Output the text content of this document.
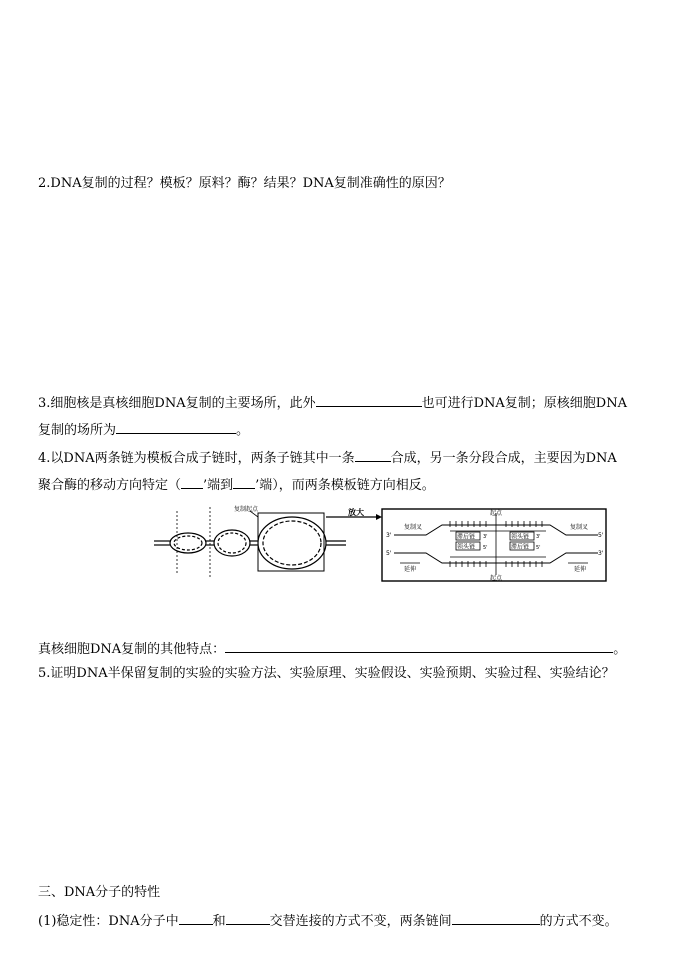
2.DNA复制的过程？模板？原料？酶？结果？DNA复制准确性的原因？
3.细胞核是真核细胞DNA复制的主要场所，此外	也可进行DNA复制；原核细胞DNA
复制的场所为	。
4.以DNA两条链为模板合成子链时，两条子链其中一条	合成，另一条分段合成，主要因为DNA
聚合酶的移动方向特定（ ’端到 ’端），而两条模板链方向相反。
复制起点	放大
滞后链
领头链
领头链
滞后链
起点
起点
复制叉	复制叉
延伸	延伸
3'
5'
5'
3'
3'
5'
3'
5'
真核细胞DNA复制的其他特点：	。
5.证明DNA半保留复制的实验的实验方法、实验原理、实验假设、实验预期、实验过程、实验结论？
三、DNA分子的特性
(1)稳定性：DNA分子中	和	交替连接的方式不变，两条链间	的方式不变。
